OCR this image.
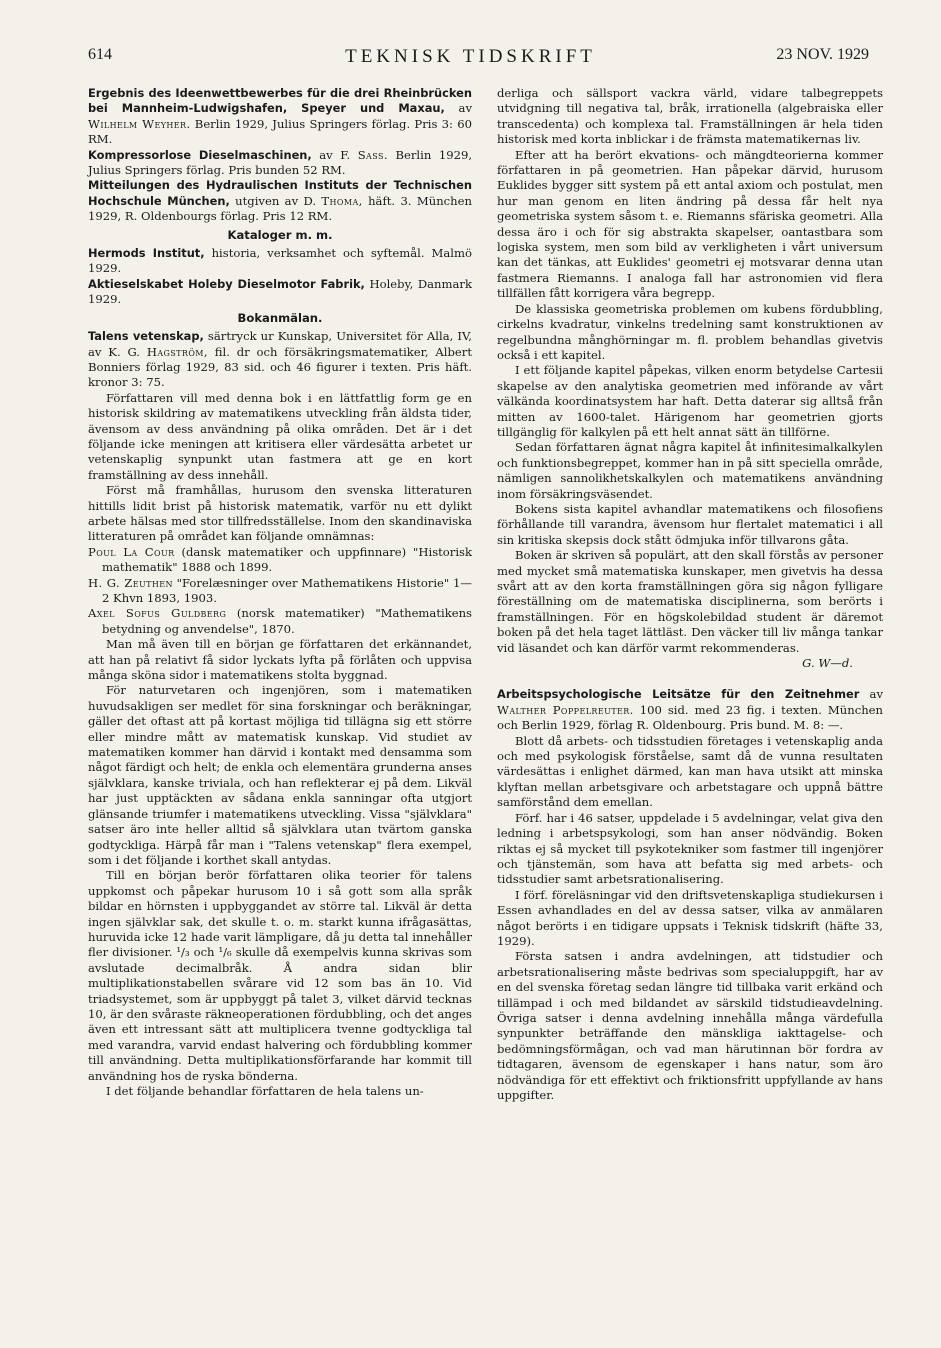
614	TEKNISK TIDSKRIFT	23 NOV. 1929

Ergebnis des Ideenwettbewerbes für die drei Rheinbrücken bei Mannheim-Ludwigshafen, Speyer und Maxau, av Wilhelm Weyher. Berlin 1929, Julius Springers förlag. Pris 3: 60 RM.

Kompressorlose Dieselmaschinen, av F. Sass. Berlin 1929, Julius Springers förlag. Pris bunden 52 RM.

Mitteilungen des Hydraulischen Instituts der Technischen Hochschule München, utgiven av D. Thoma, häft. 3. München 1929, R. Oldenbourgs förlag. Pris 12 RM.

Kataloger m. m.

Hermods Institut, historia, verksamhet och syftemål. Malmö 1929.

Aktieselskabet Holeby Dieselmotor Fabrik, Holeby, Danmark 1929.

Bokanmälan.

Talens vetenskap, särtryck ur Kunskap, Universitet för Alla, IV, av K. G. Hagström, fil. dr och försäkringsmatematiker, Albert Bonniers förlag 1929, 83 sid. och 46 figurer i texten. Pris häft. kronor 3: 75.

Författaren vill med denna bok i en lättfattlig form ge en historisk skildring av matematikens utveckling från äldsta tider, ävensom av dess användning på olika områden. Det är i det följande icke meningen att kritisera eller värdesätta arbetet ur vetenskaplig synpunkt utan fastmera att ge en kort framställning av dess innehåll.

Först må framhållas, hurusom den svenska litteraturen hittills lidit brist på historisk matematik, varför nu ett dylikt arbete hälsas med stor tillfredsställelse. Inom den skandinaviska litteraturen på området kan följande omnämnas:

Poul La Cour (dansk matematiker och uppfinnare) "Historisk mathematik" 1888 och 1899.

H. G. Zeuthen "Forelæsninger over Mathematikens Historie" 1—2 Khvn 1893, 1903.

Axel Sofus Guldberg (norsk matematiker) "Mathematikens betydning og anvendelse", 1870.

Man må även till en början ge författaren det erkännandet, att han på relativt få sidor lyckats lyfta på förlåten och uppvisa många sköna sidor i matematikens stolta byggnad.

För naturvetaren och ingenjören, som i matematiken huvudsakligen ser medlet för sina forskningar och beräkningar, gäller det oftast att på kortast möjliga tid tillägna sig ett större eller mindre mått av matematisk kunskap. Vid studiet av matematiken kommer han därvid i kontakt med densamma som något färdigt och helt; de enkla och elementära grunderna anses självklara, kanske triviala, och han reflekterar ej på dem. Likväl har just upptäckten av sådana enkla sanningar ofta utgjort glänsande triumfer i matematikens utveckling. Vissa "självklara" satser äro inte heller alltid så självklara utan tvärtom ganska godtyckliga. Härpå får man i "Talens vetenskap" flera exempel, som i det följande i korthet skall antydas.

Till en början berör författaren olika teorier för talens uppkomst och påpekar hurusom 10 i så gott som alla språk bildar en hörnsten i uppbyggandet av större tal. Likväl är detta ingen självklar sak, det skulle t. o. m. starkt kunna ifrågasättas, huruvida icke 12 hade varit lämpligare, då ju detta tal innehåller fler divisioner. ¹/₃ och ¹/₆ skulle då exempelvis kunna skrivas som avslutade decimalbråk. Å andra sidan blir multiplikationstabellen svårare vid 12 som bas än 10. Vid triadsystemet, som är uppbyggt på talet 3, vilket därvid tecknas 10, är den svåraste räkneoperationen fördubbling, och det anges även ett intressant sätt att multiplicera tvenne godtyckliga tal med varandra, varvid endast halvering och fördubbling kommer till användning. Detta multiplikationsförfarande har kommit till användning hos de ryska bönderna.

I det följande behandlar författaren de hela talens un-

derliga och sällsport vackra värld, vidare talbegreppets utvidgning till negativa tal, bråk, irrationella (algebraiska eller transcedenta) och komplexa tal. Framställningen är hela tiden historisk med korta inblickar i de främsta matematikernas liv.

Efter att ha berört ekvations- och mängdteorierna kommer författaren in på geometrien. Han påpekar därvid, hurusom Euklides bygger sitt system på ett antal axiom och postulat, men hur man genom en liten ändring på dessa får helt nya geometriska system såsom t. e. Riemanns sfäriska geometri. Alla dessa äro i och för sig abstrakta skapelser, oantastbara som logiska system, men som bild av verkligheten i vårt universum kan det tänkas, att Euklides' geometri ej motsvarar denna utan fastmera Riemanns. I analoga fall har astronomien vid flera tillfällen fått korrigera våra begrepp.

De klassiska geometriska problemen om kubens fördubbling, cirkelns kvadratur, vinkelns tredelning samt konstruktionen av regelbundna månghörningar m. fl. problem behandlas givetvis också i ett kapitel.

I ett följande kapitel påpekas, vilken enorm betydelse Cartesii skapelse av den analytiska geometrien med införande av vårt välkända koordinatsystem har haft. Detta daterar sig alltså från mitten av 1600-talet. Härigenom har geometrien gjorts tillgänglig för kalkylen på ett helt annat sätt än tillförne.

Sedan författaren ägnat några kapitel åt infinitesimalkalkylen och funktionsbegreppet, kommer han in på sitt speciella område, nämligen sannolikhetskalkylen och matematikens användning inom försäkringsväsendet.

Bokens sista kapitel avhandlar matematikens och filosofiens förhållande till varandra, ävensom hur flertalet matematici i all sin kritiska skepsis dock stått ödmjuka inför tillvarons gåta.

Boken är skriven så populärt, att den skall förstås av personer med mycket små matematiska kunskaper, men givetvis ha dessa svårt att av den korta framställningen göra sig någon fylligare föreställning om de matematiska disciplinerna, som berörts i framställningen. För en högskolebildad student är däremot boken på det hela taget lättläst. Den väcker till liv många tankar vid läsandet och kan därför varmt rekommenderas.

G. W—d.

Arbeitspsychologische Leitsätze für den Zeitnehmer av Walther Poppelreuter. 100 sid. med 23 fig. i texten. München och Berlin 1929, förlag R. Oldenbourg. Pris bund. M. 8: —.

Blott då arbets- och tidsstudien företages i vetenskaplig anda och med psykologisk förståelse, samt då de vunna resultaten värdesättas i enlighet därmed, kan man hava utsikt att minska klyftan mellan arbetsgivare och arbetstagare och uppnå bättre samförstånd dem emellan.

Förf. har i 46 satser, uppdelade i 5 avdelningar, velat giva den ledning i arbetspsykologi, som han anser nödvändig. Boken riktas ej så mycket till psykotekniker som fastmer till ingenjörer och tjänstemän, som hava att befatta sig med arbets- och tidsstudier samt arbetsrationalisering.

I förf. föreläsningar vid den driftsvetenskapliga studiekursen i Essen avhandlades en del av dessa satser, vilka av anmälaren något berörts i en tidigare uppsats i Teknisk tidskrift (häfte 33, 1929).

Första satsen i andra avdelningen, att tidstudier och arbetsrationalisering måste bedrivas som specialuppgift, har av en del svenska företag sedan längre tid tillbaka varit erkänd och tillämpad i och med bildandet av särskild tidstudieavdelning. Övriga satser i denna avdelning innehålla många värdefulla synpunkter beträffande den mänskliga iakttagelse- och bedömningsförmågan, och vad man härutinnan bör fordra av tidtagaren, ävensom de egenskaper i hans natur, som äro nödvändiga för ett effektivt och friktionsfritt uppfyllande av hans uppgifter.
